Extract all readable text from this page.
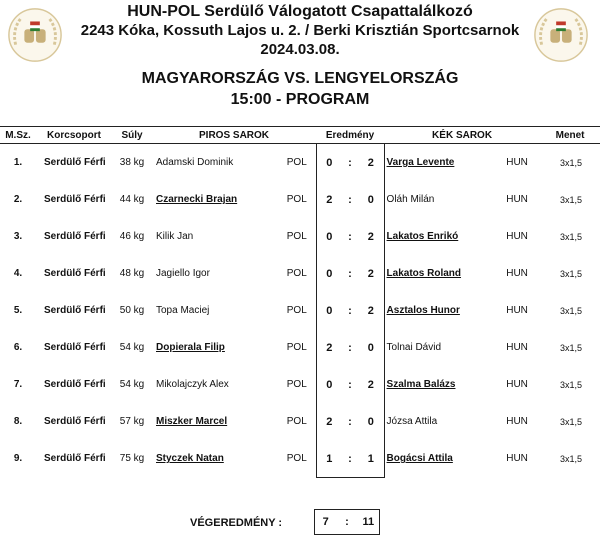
HUN-POL Serdülő Válogatott Csapattalálkozó
2243 Kóka, Kossuth Lajos u. 2. / Berki Krisztián Sportcsarnok
2024.03.08.
MAGYARORSZÁG VS. LENGYELORSZÁG
15:00 - PROGRAM
M.Sz.	Korcsoport	Súly	PIROS SAROK		Eredmény			KÉK SAROK		Menet
1.	Serdülő Férfi	38 kg	Adamski Dominik	POL	0	:	2	Varga Levente	HUN	3x1,5
2.	Serdülő Férfi	44 kg	Czarnecki Brajan	POL	2	:	0	Oláh Milán	HUN	3x1,5
3.	Serdülő Férfi	46 kg	Kilik Jan	POL	0	:	2	Lakatos Enrikó	HUN	3x1,5
4.	Serdülő Férfi	48 kg	Jagiello Igor	POL	0	:	2	Lakatos Roland	HUN	3x1,5
5.	Serdülő Férfi	50 kg	Topa Maciej	POL	0	:	2	Asztalos Hunor	HUN	3x1,5
6.	Serdülő Férfi	54 kg	Dopierala Filip	POL	2	:	0	Tolnai Dávid	HUN	3x1,5
7.	Serdülő Férfi	54 kg	Mikolajczyk Alex	POL	0	:	2	Szalma Balázs	HUN	3x1,5
8.	Serdülő Férfi	57 kg	Miszker Marcel	POL	2	:	0	Józsa Attila	HUN	3x1,5
9.	Serdülő Férfi	75 kg	Styczek Natan	POL	1	:	1	Bogácsi Attila	HUN	3x1,5
VÉGEREDMÉNY :	7	:	11
